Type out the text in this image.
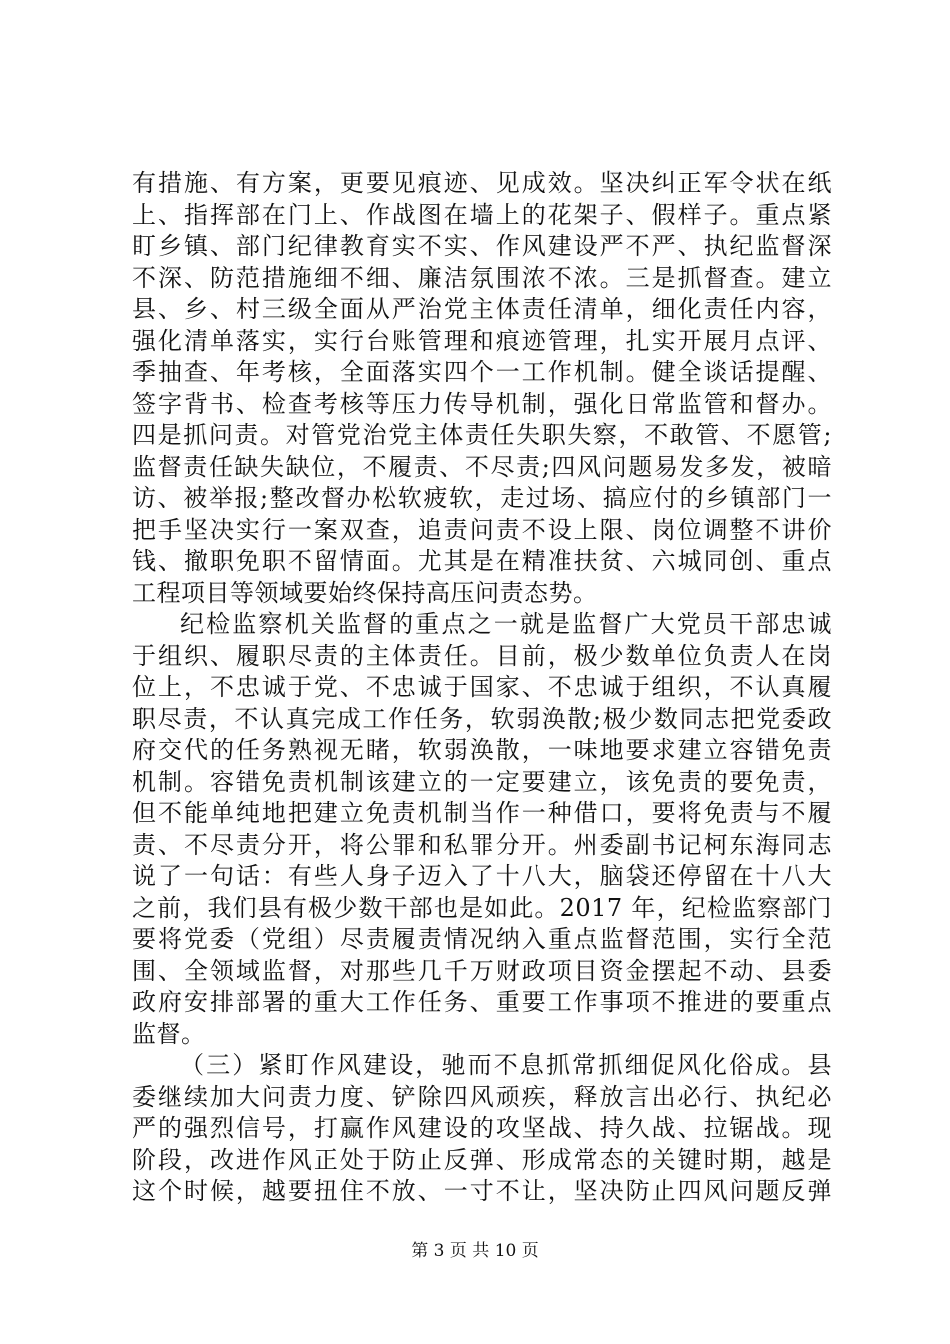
有措施、有方案，更要见痕迹、见成效。坚决纠正军令状在纸
上、指挥部在门上、作战图在墙上的花架子、假样子。重点紧
盯乡镇、部门纪律教育实不实、作风建设严不严、执纪监督深
不深、防范措施细不细、廉洁氛围浓不浓。三是抓督查。建立
县、乡、村三级全面从严治党主体责任清单，细化责任内容，
强化清单落实，实行台账管理和痕迹管理，扎实开展月点评、
季抽查、年考核，全面落实四个一工作机制。健全谈话提醒、
签字背书、检查考核等压力传导机制，强化日常监管和督办。
四是抓问责。对管党治党主体责任失职失察，不敢管、不愿管;
监督责任缺失缺位，不履责、不尽责;四风问题易发多发，被暗
访、被举报;整改督办松软疲软，走过场、搞应付的乡镇部门一
把手坚决实行一案双查，追责问责不设上限、岗位调整不讲价
钱、撤职免职不留情面。尤其是在精准扶贫、六城同创、重点
工程项目等领域要始终保持高压问责态势。
纪检监察机关监督的重点之一就是监督广大党员干部忠诚
于组织、履职尽责的主体责任。目前，极少数单位负责人在岗
位上，不忠诚于党、不忠诚于国家、不忠诚于组织，不认真履
职尽责，不认真完成工作任务，软弱涣散;极少数同志把党委政
府交代的任务熟视无睹，软弱涣散，一味地要求建立容错免责
机制。容错免责机制该建立的一定要建立，该免责的要免责，
但不能单纯地把建立免责机制当作一种借口，要将免责与不履
责、不尽责分开，将公罪和私罪分开。州委副书记柯东海同志
说了一句话：有些人身子迈入了十八大，脑袋还停留在十八大
之前，我们县有极少数干部也是如此。2017 年，纪检监察部门
要将党委（党组）尽责履责情况纳入重点监督范围，实行全范
围、全领域监督，对那些几千万财政项目资金摆起不动、县委
政府安排部署的重大工作任务、重要工作事项不推进的要重点
监督。
（三）紧盯作风建设，驰而不息抓常抓细促风化俗成。县
委继续加大问责力度、铲除四风顽疾，释放言出必行、执纪必
严的强烈信号，打赢作风建设的攻坚战、持久战、拉锯战。现
阶段，改进作风正处于防止反弹、形成常态的关键时期，越是
这个时候，越要扭住不放、一寸不让，坚决防止四风问题反弹
第 3 页 共 10 页
